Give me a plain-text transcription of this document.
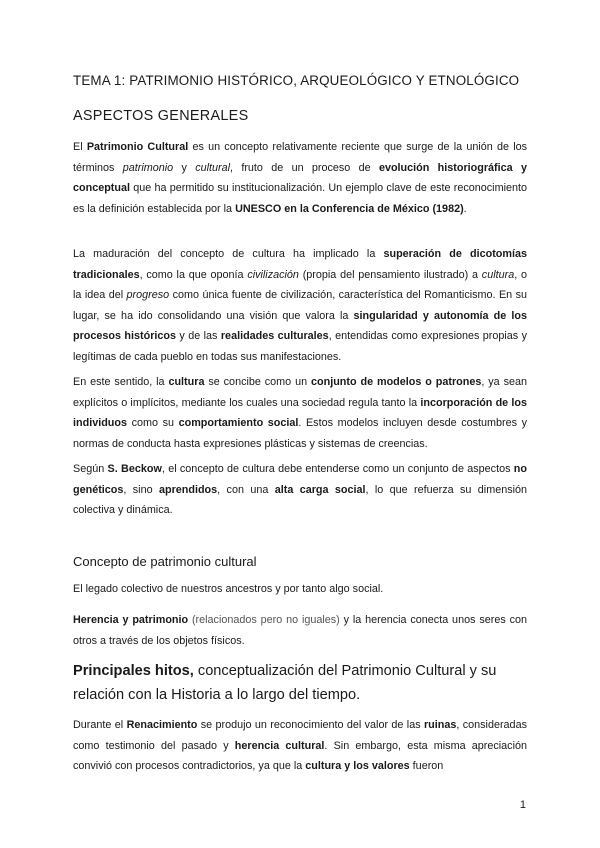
TEMA 1: PATRIMONIO HISTÓRICO, ARQUEOLÓGICO Y ETNOLÓGICO
ASPECTOS GENERALES

El Patrimonio Cultural es un concepto relativamente reciente que surge de la unión de los términos patrimonio y cultural, fruto de un proceso de evolución historiográfica y conceptual que ha permitido su institucionalización. Un ejemplo clave de este reconocimiento es la definición establecida por la UNESCO en la Conferencia de México (1982).

La maduración del concepto de cultura ha implicado la superación de dicotomías tradicionales, como la que oponía civilización (propia del pensamiento ilustrado) a cultura, o la idea del progreso como única fuente de civilización, característica del Romanticismo. En su lugar, se ha ido consolidando una visión que valora la singularidad y autonomía de los procesos históricos y de las realidades culturales, entendidas como expresiones propias y legítimas de cada pueblo en todas sus manifestaciones.

En este sentido, la cultura se concibe como un conjunto de modelos o patrones, ya sean explícitos o implícitos, mediante los cuales una sociedad regula tanto la incorporación de los individuos como su comportamiento social. Estos modelos incluyen desde costumbres y normas de conducta hasta expresiones plásticas y sistemas de creencias.

Según S. Beckow, el concepto de cultura debe entenderse como un conjunto de aspectos no genéticos, sino aprendidos, con una alta carga social, lo que refuerza su dimensión colectiva y dinámica.

Concepto de patrimonio cultural

El legado colectivo de nuestros ancestros y por tanto algo social.

Herencia y patrimonio (relacionados pero no iguales) y la herencia conecta unos seres con otros a través de los objetos físicos.

Principales hitos, conceptualización del Patrimonio Cultural y su relación con la Historia a lo largo del tiempo.

Durante el Renacimiento se produjo un reconocimiento del valor de las ruinas, consideradas como testimonio del pasado y herencia cultural. Sin embargo, esta misma apreciación convivió con procesos contradictorios, ya que la cultura y los valores fueron

1
